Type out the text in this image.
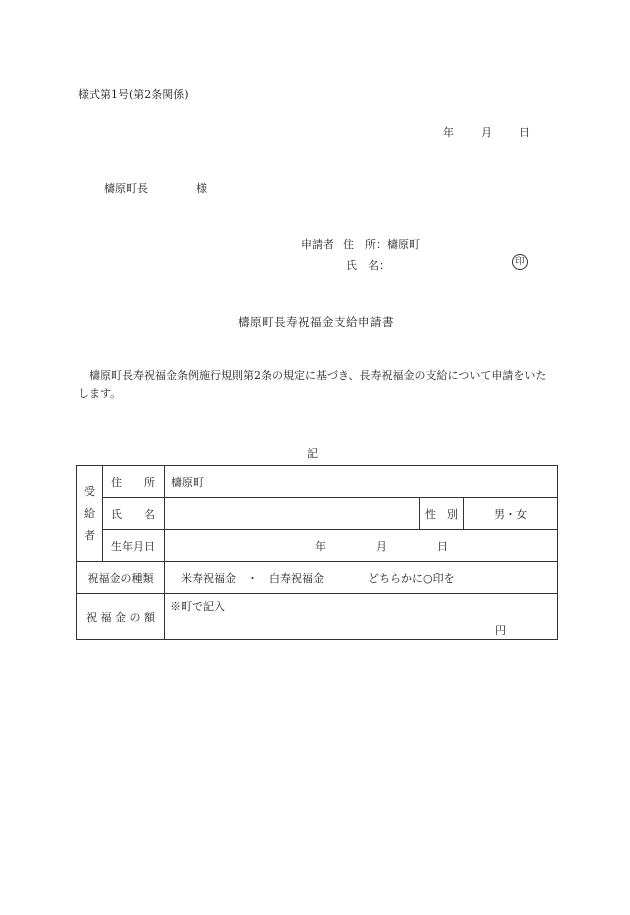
様式第1号(第2条関係)
年 月 日
檮原町長	様
申請者 住　所：檮原町
氏　名：	印
檮原町長寿祝福金支給申請書
檮原町長寿祝福金条例施行規則第2条の規定に基づき、長寿祝福金の支給について申請をいたします。
記
受
給
者	住　　所	檮原町		
	氏　　名		性　別	男・女
	生年月日	年 月 日		
祝福金の種類		米寿祝福金　・　白寿祝福金 どちらかに○印を		
祝 福 金 の 額		※町で記入
円		
